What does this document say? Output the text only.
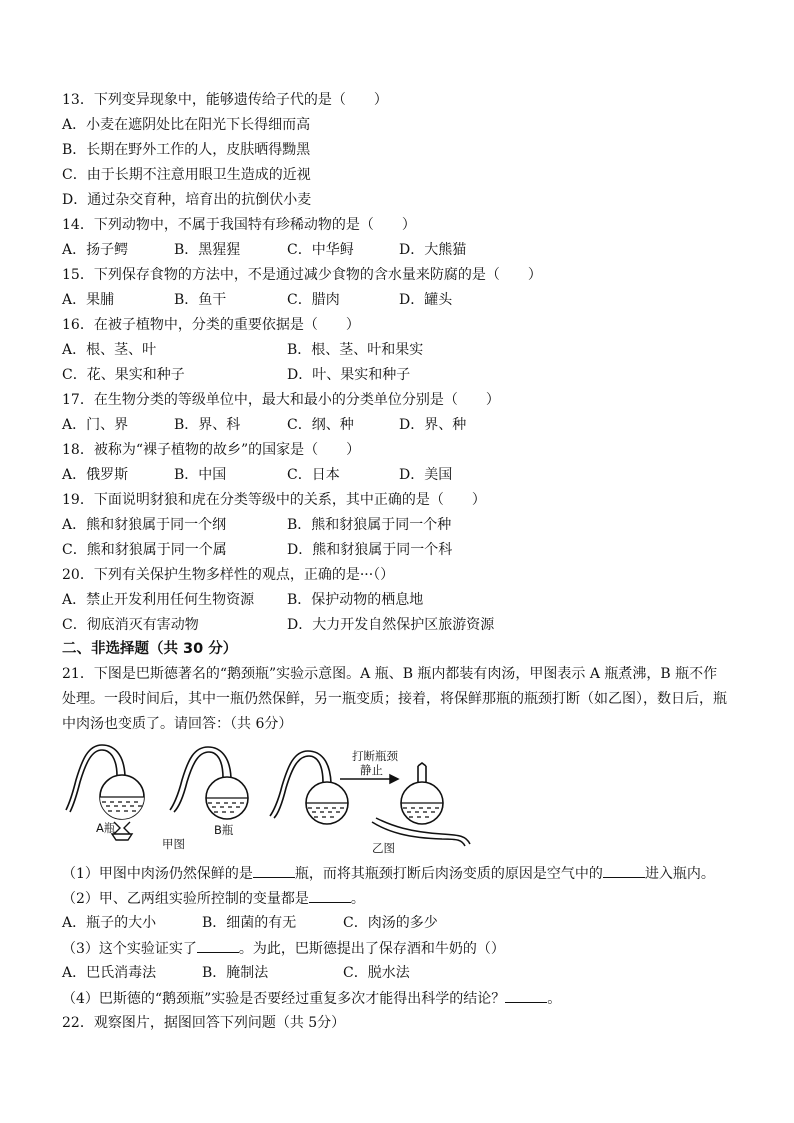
13．下列变异现象中，能够遗传给子代的是（　　）
A．小麦在遮阴处比在阳光下长得细而高
B．长期在野外工作的人，皮肤晒得黝黑
C．由于长期不注意用眼卫生造成的近视
D．通过杂交育种，培育出的抗倒伏小麦
14．下列动物中，不属于我国特有珍稀动物的是（　　）
A．扬子鳄	B．黑猩猩	C．中华鲟	D．大熊猫
15．下列保存食物的方法中，不是通过减少食物的含水量来防腐的是（　　）
A．果脯	B．鱼干	C．腊肉	D．罐头
16．在被子植物中，分类的重要依据是（　　）
A．根、茎、叶	B．根、茎、叶和果实
C．花、果实和种子	D．叶、果实和种子
17．在生物分类的等级单位中，最大和最小的分类单位分别是（　　）
A．门、界	B．界、科	C．纲、种	D．界、种
18．被称为“裸子植物的故乡”的国家是（　　）
A．俄罗斯	B．中国	C．日本	D．美国
19．下面说明豺狼和虎在分类等级中的关系，其中正确的是（　　）
A．熊和豺狼属于同一个纲	B．熊和豺狼属于同一个种
C．熊和豺狼属于同一个属	D．熊和豺狼属于同一个科
20．下列有关保护生物多样性的观点，正确的是···（）
A．禁止开发利用任何生物资源 B．保护动物的栖息地
C．彻底消灭有害动物	D．大力开发自然保护区旅游资源
二、非选择题（共 30 分）
21．下图是巴斯德著名的“鹅颈瓶”实验示意图。A 瓶、B 瓶内都装有肉汤，甲图表示 A 瓶煮沸，B 瓶不作处理。一段时间后，其中一瓶仍然保鲜，另一瓶变质；接着，将保鲜那瓶的瓶颈打断（如乙图），数日后，瓶中肉汤也变质了。请回答：（共 6分）
打断瓶颈
静止
A瓶	B瓶
甲图	乙图
（1）甲图中肉汤仍然保鲜的是	瓶，而将其瓶颈打断后肉汤变质的原因是空气中的	进入瓶内。
（2）甲、乙两组实验所控制的变量都是	。
A．瓶子的大小	B．细菌的有无	C．肉汤的多少
（3）这个实验证实了	。为此，巴斯德提出了保存酒和牛奶的（）
A．巴氏消毒法	B．腌制法	C．脱水法
（4）巴斯德的“鹅颈瓶”实验是否要经过重复多次才能得出科学的结论？	。
22．观察图片，据图回答下列问题（共 5分）
